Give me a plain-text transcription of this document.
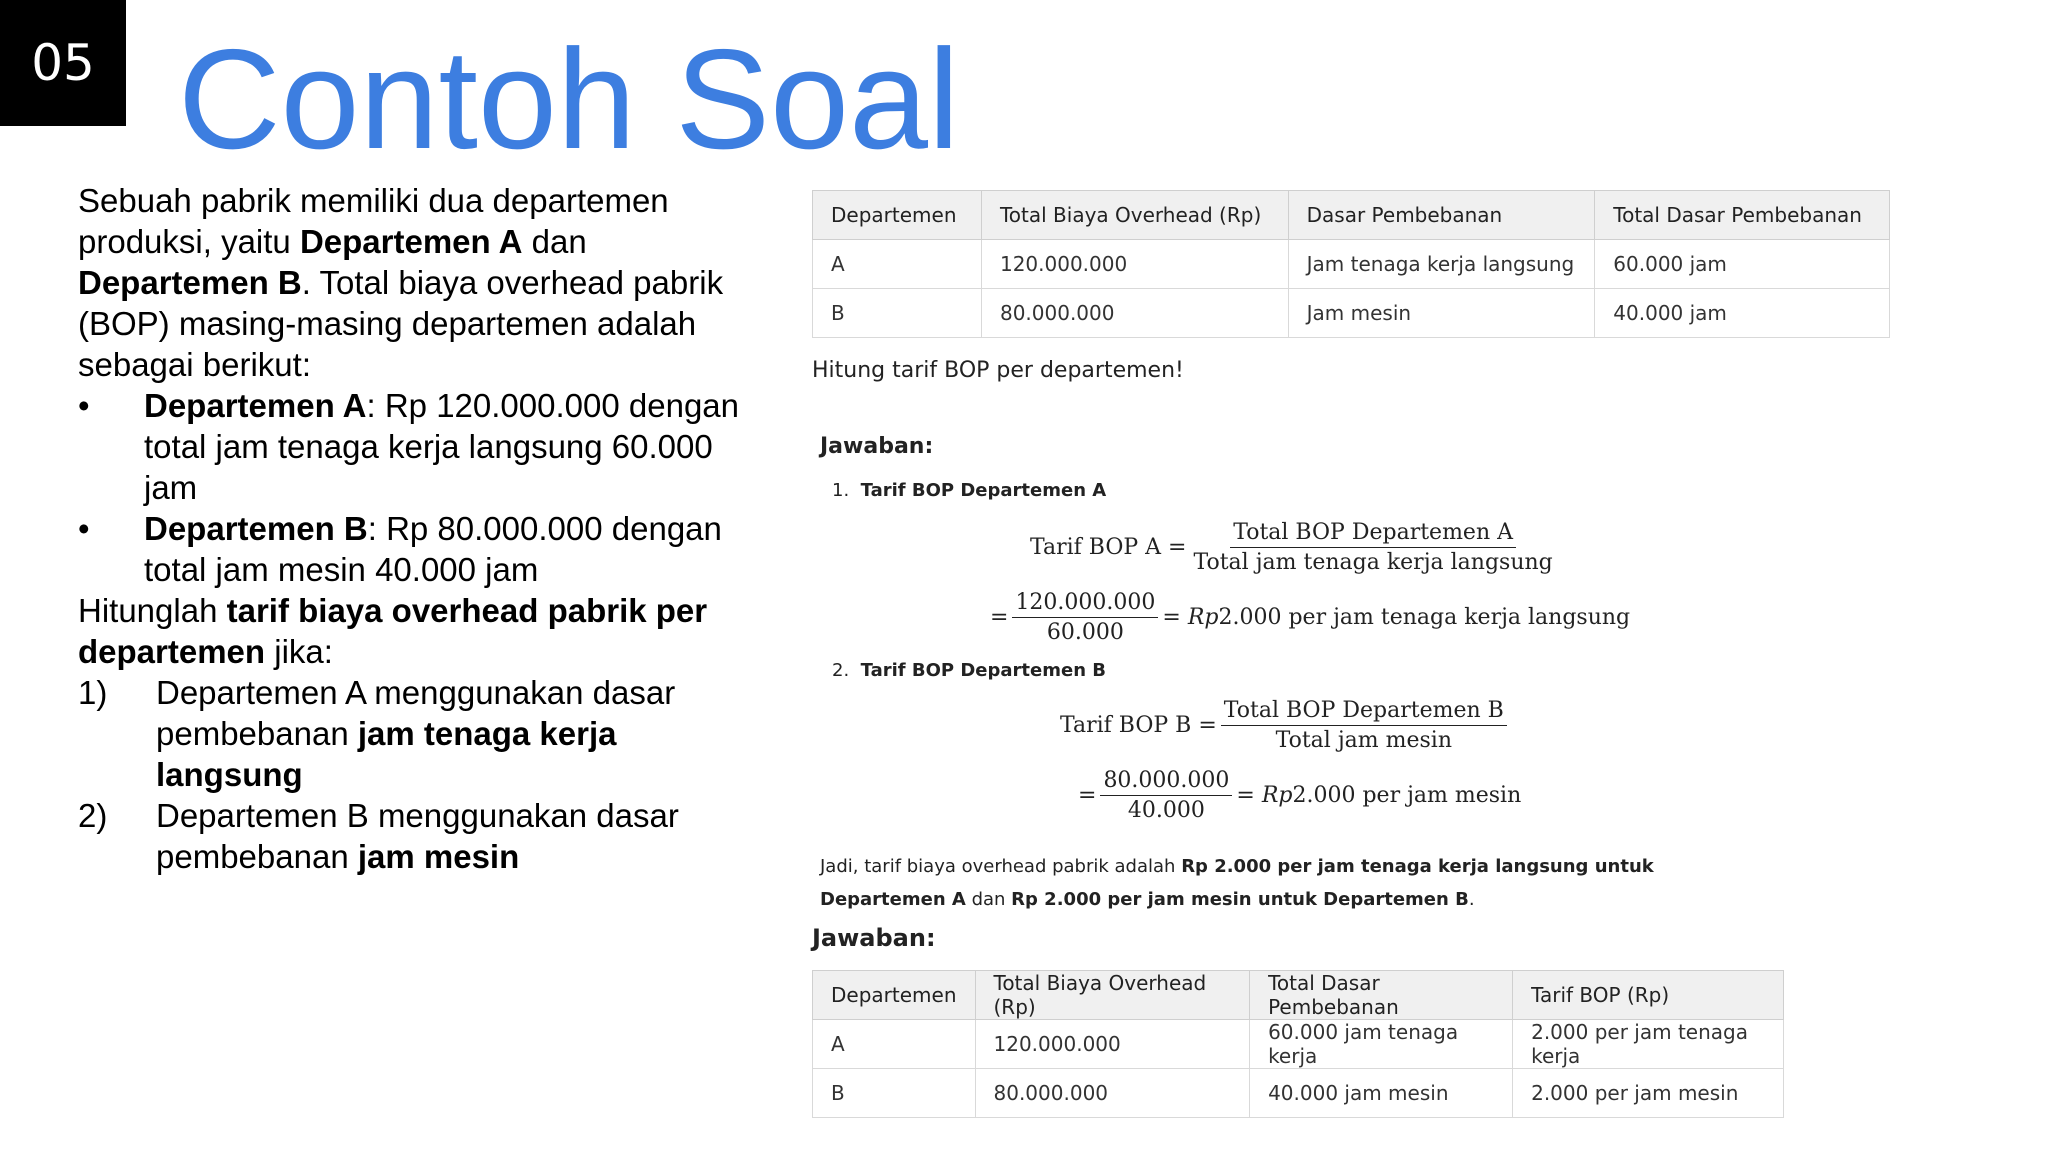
05 Contoh Soal

Sebuah pabrik memiliki dua departemen produksi, yaitu Departemen A dan Departemen B. Total biaya overhead pabrik (BOP) masing-masing departemen adalah sebagai berikut:

• Departemen A: Rp 120.000.000 dengan total jam tenaga kerja langsung 60.000 jam
• Departemen B: Rp 80.000.000 dengan total jam mesin 40.000 jam

Hitunglah tarif biaya overhead pabrik per departemen jika:

1) Departemen A menggunakan dasar pembebanan jam tenaga kerja langsung
2) Departemen B menggunakan dasar pembebanan jam mesin
Departemen	Total Biaya Overhead (Rp)	Dasar Pembebanan	Total Dasar Pembebanan
A	120.000.000	Jam tenaga kerja langsung	60.000 jam
B	80.000.000	Jam mesin	40.000 jam
Hitung tarif BOP per departemen!
Jawaban:
1. Tarif BOP Departemen A
Tarif BOP $A = \frac{\text{Total BOP Departemen A}}{\text{Total jam tenaga kerja langsung}}$
= $\frac{120.000.000}{60.000}$ =
Rp 2.000 per jam tenaga kerja langsung
2. Tarif BOP Departemen B
Tarif BOP $B = \frac{\text{Total BOP Departemen B}}{\text{Total jam mesin}}$
= $\frac{80.000.000}{40.000}$ =
Rp 2.000 per jam mesin
Jadi, tarif biaya overhead pabrik adalah Rp 2.000 per jam tenaga kerja langsung untuk Departemen A dan Rp 2.000 per jam mesin untuk Departemen B.
Jawaban:
Departemen	Total Biaya Overhead (Rp)	Total Dasar Pembebanan	Tarif BOP (Rp)
A	120.000.000	60.000 jam tenaga kerja	2.000 per jam tenaga kerja
B	80.000.000	40.000 jam mesin	2.000 per jam mesin
